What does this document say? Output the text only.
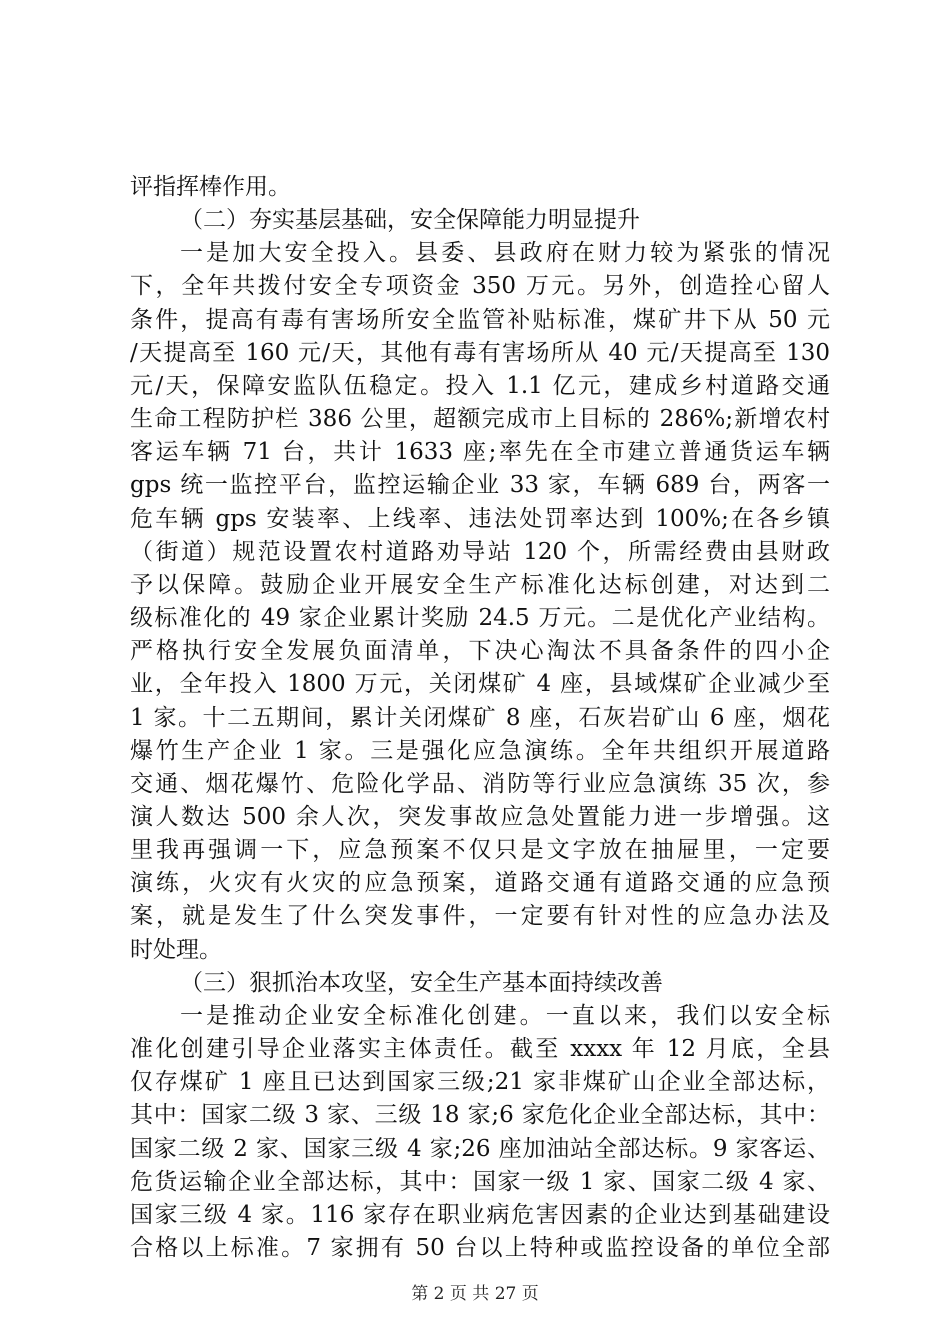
评指挥棒作用。
（二）夯实基层基础，安全保障能力明显提升
一是加大安全投入。县委、县政府在财力较为紧张的情况
下，全年共拨付安全专项资金 350 万元。另外，创造拴心留人
条件，提高有毒有害场所安全监管补贴标准，煤矿井下从 50 元
/天提高至 160 元/天，其他有毒有害场所从 40 元/天提高至 130
元/天，保障安监队伍稳定。投入 1.1 亿元，建成乡村道路交通
生命工程防护栏 386 公里，超额完成市上目标的 286%;新增农村
客运车辆 71 台，共计 1633 座;率先在全市建立普通货运车辆
gps 统一监控平台，监控运输企业 33 家，车辆 689 台，两客一
危车辆 gps 安装率、上线率、违法处罚率达到 100%;在各乡镇
（街道）规范设置农村道路劝导站 120 个，所需经费由县财政
予以保障。鼓励企业开展安全生产标准化达标创建，对达到二
级标准化的 49 家企业累计奖励 24.5 万元。二是优化产业结构。
严格执行安全发展负面清单，下决心淘汰不具备条件的四小企
业，全年投入 1800 万元，关闭煤矿 4 座，县域煤矿企业减少至
1 家。十二五期间，累计关闭煤矿 8 座，石灰岩矿山 6 座，烟花
爆竹生产企业 1 家。三是强化应急演练。全年共组织开展道路
交通、烟花爆竹、危险化学品、消防等行业应急演练 35 次，参
演人数达 500 余人次，突发事故应急处置能力进一步增强。这
里我再强调一下，应急预案不仅只是文字放在抽屉里，一定要
演练，火灾有火灾的应急预案，道路交通有道路交通的应急预
案，就是发生了什么突发事件，一定要有针对性的应急办法及
时处理。
（三）狠抓治本攻坚，安全生产基本面持续改善
一是推动企业安全标准化创建。一直以来，我们以安全标
准化创建引导企业落实主体责任。截至 xxxx 年 12 月底，全县
仅存煤矿 1 座且已达到国家三级;21 家非煤矿山企业全部达标，
其中：国家二级 3 家、三级 18 家;6 家危化企业全部达标，其中：
国家二级 2 家、国家三级 4 家;26 座加油站全部达标。9 家客运、
危货运输企业全部达标，其中：国家一级 1 家、国家二级 4 家、
国家三级 4 家。116 家存在职业病危害因素的企业达到基础建设
合格以上标准。7 家拥有 50 台以上特种或监控设备的单位全部
第 2 页 共 27 页
